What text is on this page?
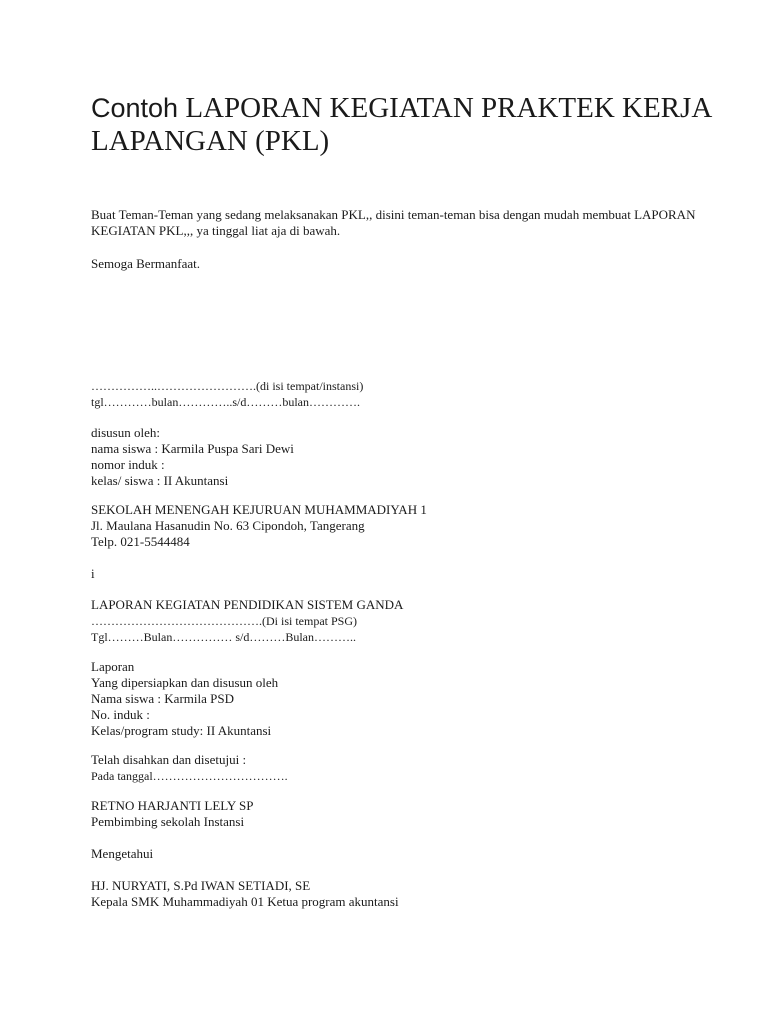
Contoh LAPORAN KEGIATAN PRAKTEK KERJA LAPANGAN (PKL)

Buat Teman-Teman yang sedang melaksanakan PKL,, disini teman-teman bisa dengan mudah membuat LAPORAN KEGIATAN PKL,,, ya tinggal liat aja di bawah.

Semoga Bermanfaat.
……………..…………………….(di isi tempat/instansi)
tgl…………bulan…………..s/d………bulan………….
disusun oleh:
nama siswa : Karmila Puspa Sari Dewi
nomor induk :
kelas/ siswa : II Akuntansi
SEKOLAH MENENGAH KEJURUAN MUHAMMADIYAH 1
Jl. Maulana Hasanudin No. 63 Cipondoh, Tangerang
Telp. 021-5544484
i
LAPORAN KEGIATAN PENDIDIKAN SISTEM GANDA
…………………………………….(Di isi tempat PSG)
Tgl………Bulan…………… s/d………Bulan………..
Laporan
Yang dipersiapkan dan disusun oleh
Nama siswa : Karmila PSD
No. induk :
Kelas/program study: II Akuntansi
Telah disahkan dan disetujui :
Pada tanggal…………………………….
RETNO HARJANTI LELY SP
Pembimbing sekolah Instansi
Mengetahui
HJ. NURYATI, S.Pd IWAN SETIADI, SE
Kepala SMK Muhammadiyah 01 Ketua program akuntansi
